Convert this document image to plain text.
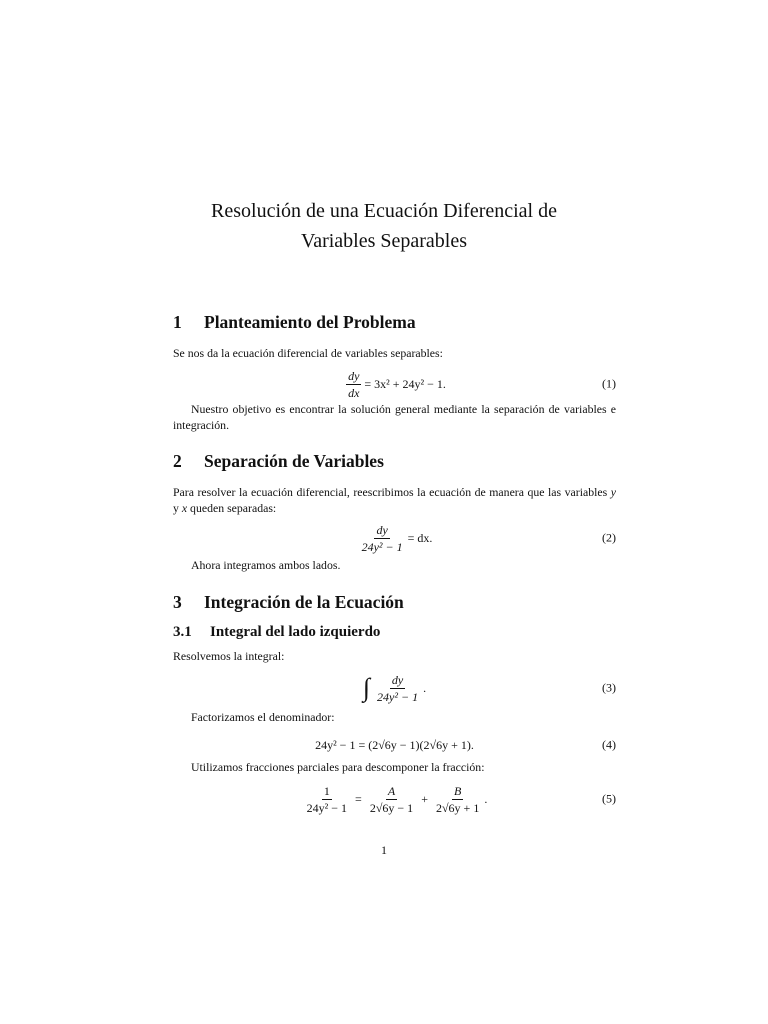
Resolución de una Ecuación Diferencial de
Variables Separables
1 Planteamiento del Problema
Se nos da la ecuación diferencial de variables separables:
$\frac{dy}{dx} = 3x^2 + 24y^2 - 1$.	(1)
Nuestro objetivo es encontrar la solución general mediante la separación de variables e integración.
2 Separación de Variables
Para resolver la ecuación diferencial, reescribimos la ecuación de manera que las variables y y x queden separadas:
$\frac{dy}{\text{24y² − 1}}$ = dx.	(2)
Ahora integramos ambos lados.
3 Integración de la Ecuación
3.1 Integral del lado izquierdo
Resolvemos la integral:
∫ $\frac{dy}{\text{24y² − 1}}$ .	(3)
Factorizamos el denominador:
24y² − 1 = (2√6y − 1)(2√6y + 1).	(4)
Utilizamos fracciones parciales para descomponer la fracción:
$\frac{1}{\text{24y² − 1}} = \frac{A}{2√6y - 1} + \frac{B}{2√6y + 1}$ .	(5)
1
